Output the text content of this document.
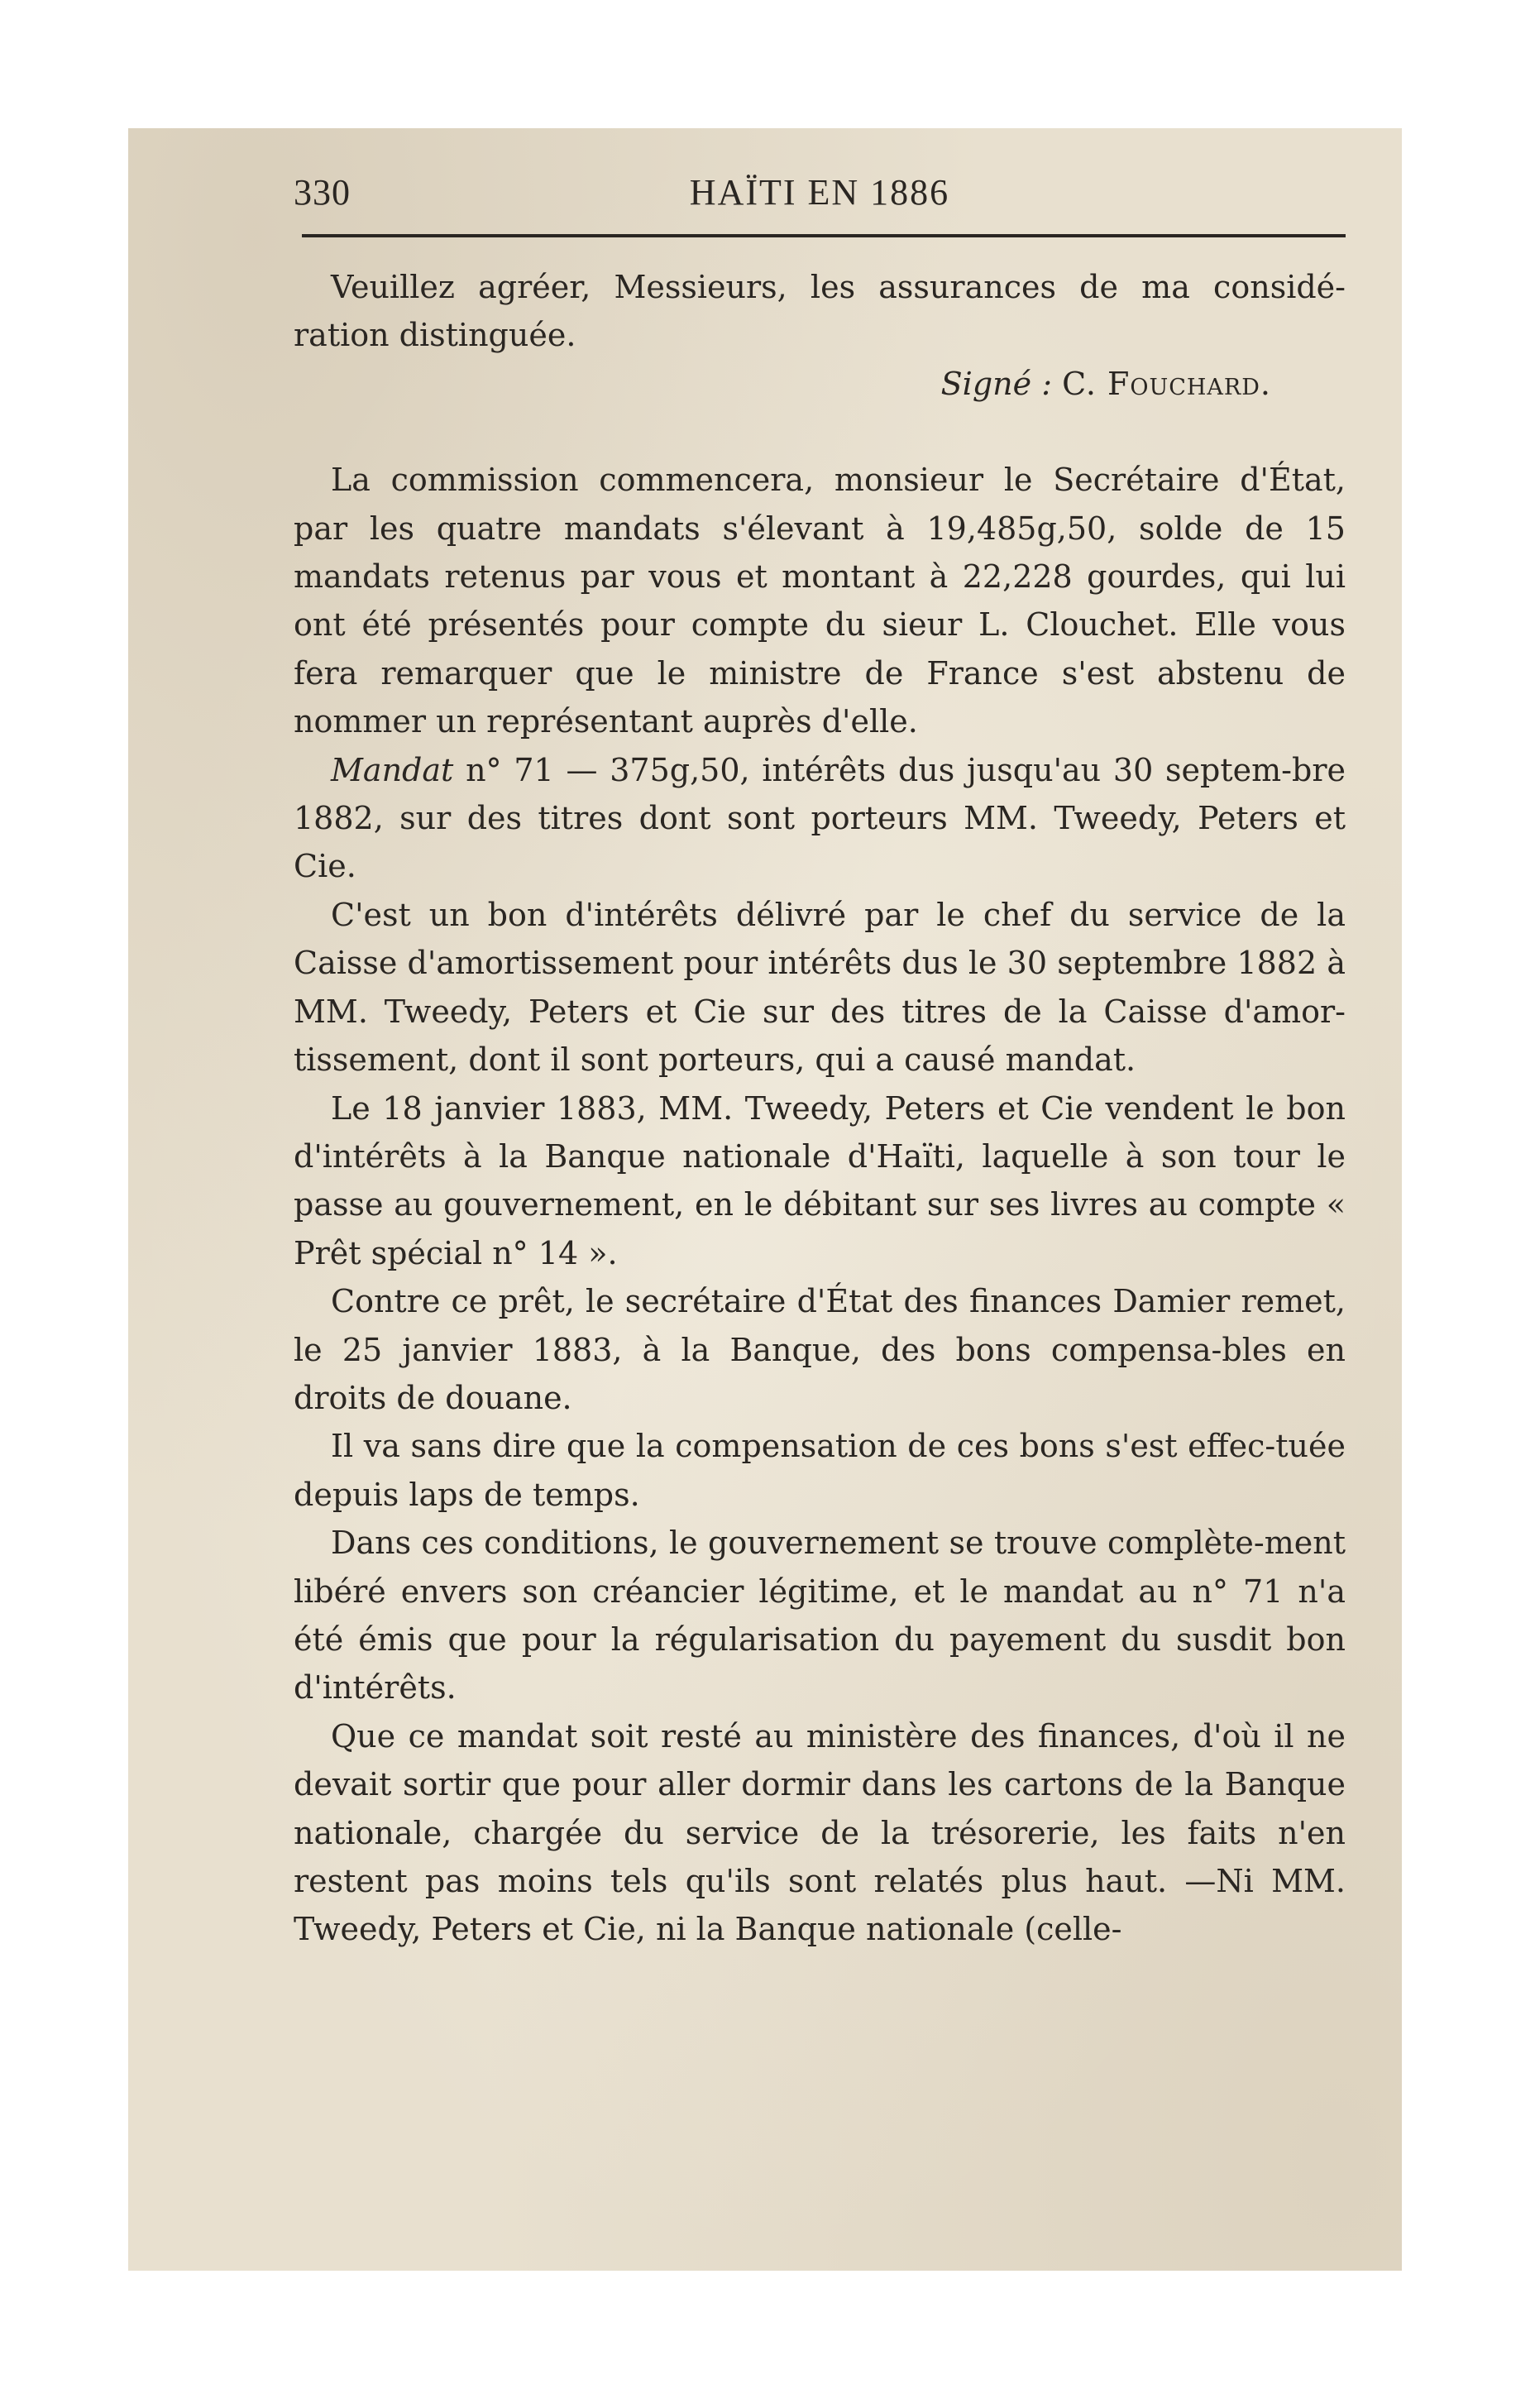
330	HAÏTI EN 1886

Veuillez agréer, Messieurs, les assurances de ma considé-ration distinguée.

Signé : C. Fouchard.

La commission commencera, monsieur le Secrétaire d'État, par les quatre mandats s'élevant à 19,485g,50, solde de 15 mandats retenus par vous et montant à 22,228 gourdes, qui lui ont été présentés pour compte du sieur L. Clouchet. Elle vous fera remarquer que le ministre de France s'est abstenu de nommer un représentant auprès d'elle.

Mandat n° 71 — 375g,50, intérêts dus jusqu'au 30 septem-bre 1882, sur des titres dont sont porteurs MM. Tweedy, Peters et Cie.

C'est un bon d'intérêts délivré par le chef du service de la Caisse d'amortissement pour intérêts dus le 30 septembre 1882 à MM. Tweedy, Peters et Cie sur des titres de la Caisse d'amor-tissement, dont il sont porteurs, qui a causé mandat.

Le 18 janvier 1883, MM. Tweedy, Peters et Cie vendent le bon d'intérêts à la Banque nationale d'Haïti, laquelle à son tour le passe au gouvernement, en le débitant sur ses livres au compte « Prêt spécial n° 14 ».

Contre ce prêt, le secrétaire d'État des finances Damier remet, le 25 janvier 1883, à la Banque, des bons compensa-bles en droits de douane.

Il va sans dire que la compensation de ces bons s'est effec-tuée depuis laps de temps.

Dans ces conditions, le gouvernement se trouve complète-ment libéré envers son créancier légitime, et le mandat au n° 71 n'a été émis que pour la régularisation du payement du susdit bon d'intérêts.

Que ce mandat soit resté au ministère des finances, d'où il ne devait sortir que pour aller dormir dans les cartons de la Banque nationale, chargée du service de la trésorerie, les faits n'en restent pas moins tels qu'ils sont relatés plus haut. —Ni MM. Tweedy, Peters et Cie, ni la Banque nationale (celle-
